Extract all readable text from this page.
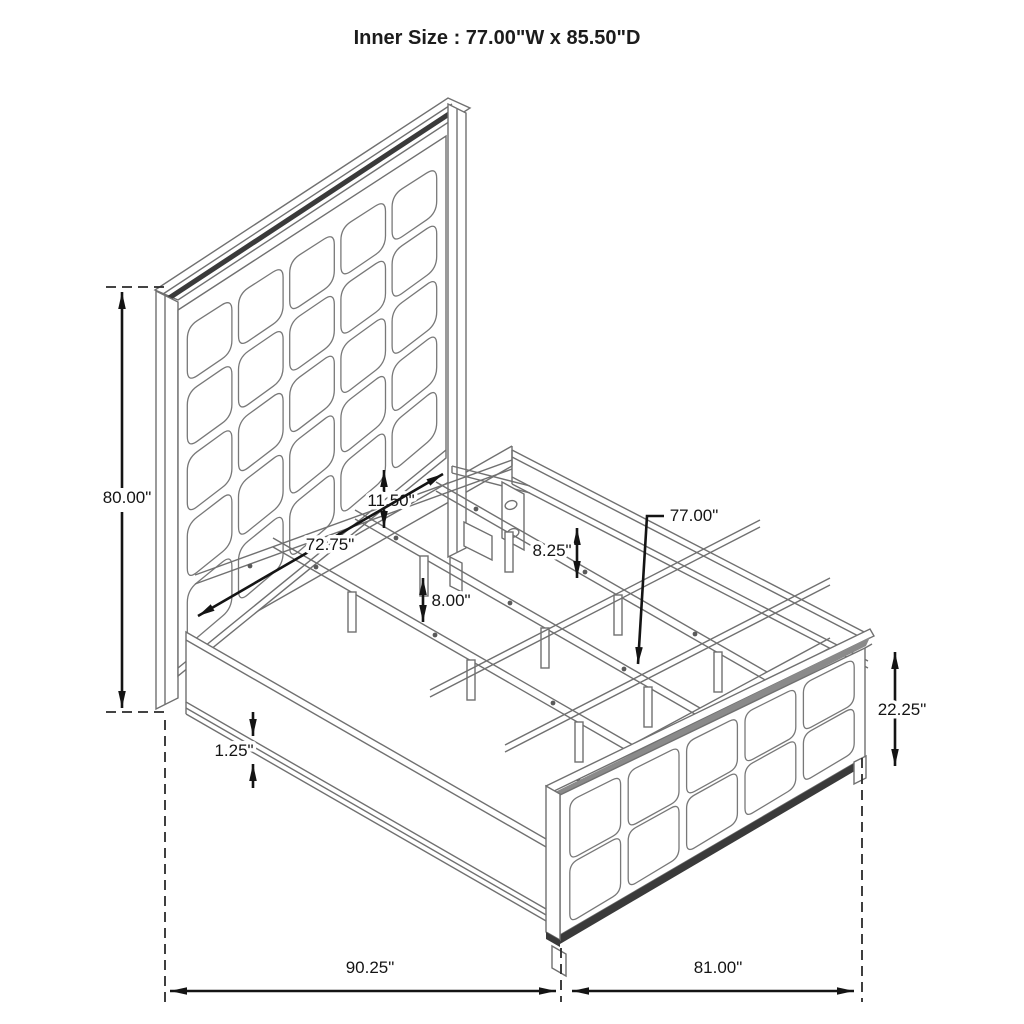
Inner Size : 77.00"W x 85.50"D
80.00"	11.50"
72.75"	8.25"
77.00"
8.00"
22.25"
1.25"
90.25"	81.00"
